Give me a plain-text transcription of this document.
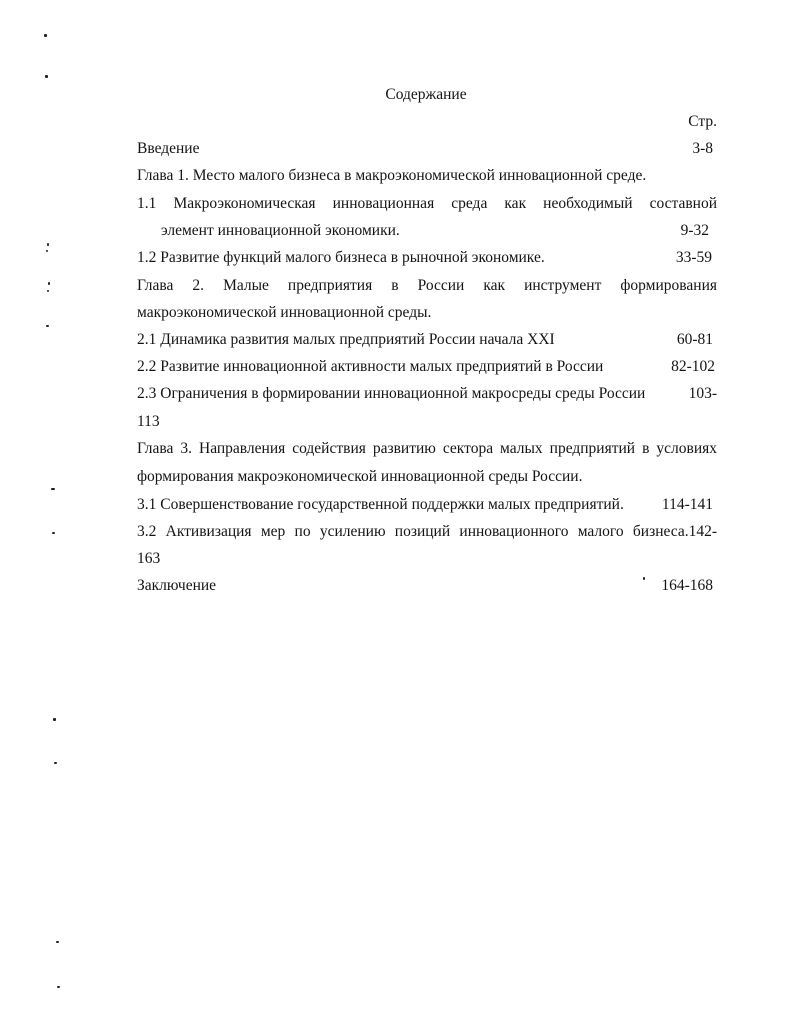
Содержание
Стр.
Введение	3-8
Глава 1. Место малого бизнеса в макроэкономической инновационной среде.
1.1 Макроэкономическая инновационная среда как необходимый составной
элемент инновационной экономики.	9-32
1.2 Развитие функций малого бизнеса в рыночной экономике.	33-59
Глава 2. Малые предприятия в России как инструмент формирования
макроэкономической инновационной среды.
2.1 Динамика развития малых предприятий России начала XXI	60-81
2.2 Развитие инновационной активности малых предприятий в России	82-102
2.3 Ограничения в формировании инновационной макросреды среды России	103-
113
Глава 3. Направления содействия развитию сектора малых предприятий в условиях
формирования макроэкономической инновационной среды России.
3.1 Совершенствование государственной поддержки малых предприятий. 114-141
3.2 Активизация мер по усилению позиций инновационного малого бизнеса.142-
163
Заключение	164-168
